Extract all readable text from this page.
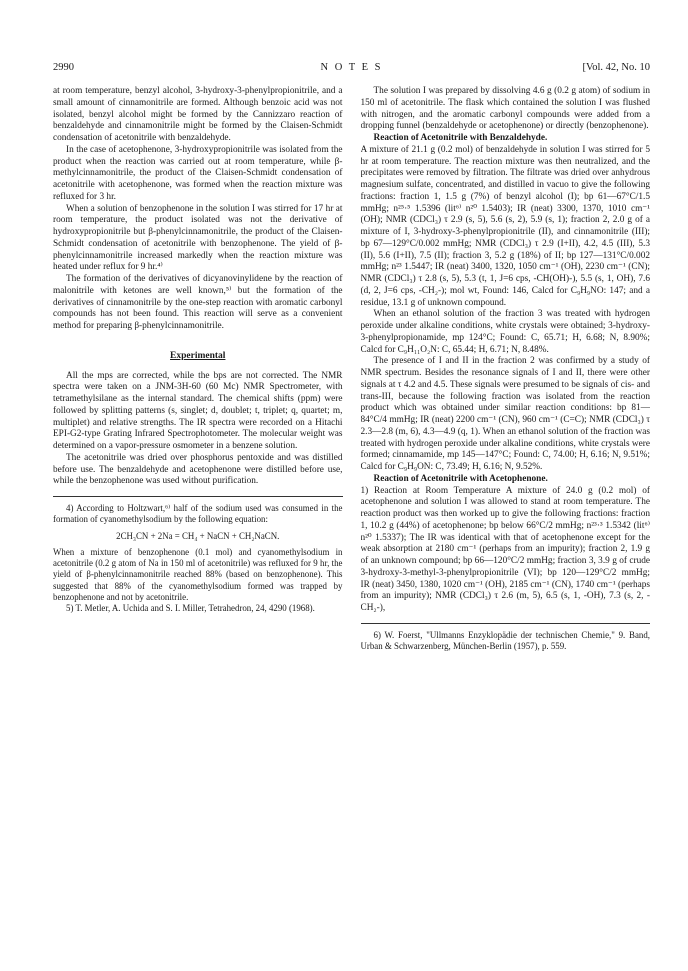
2990	N O T E S	[Vol. 42, No. 10

at room temperature, benzyl alcohol, 3-hydroxy-3-phenylpropionitrile, and a small amount of cinnamonitrile are formed. Although benzoic acid was not isolated, benzyl alcohol might be formed by the Cannizzaro reaction of benzaldehyde and cinnamonitrile might be formed by the Claisen-Schmidt condensation of acetonitrile with benzaldehyde.

In the case of acetophenone, 3-hydroxypropionitrile was isolated from the product when the reaction was carried out at room temperature, while β-methylcinnamonitrile, the product of the Claisen-Schmidt condensation of acetonitrile with acetophenone, was formed when the reaction mixture was refluxed for 3 hr.

When a solution of benzophenone in the solution I was stirred for 17 hr at room temperature, the product isolated was not the derivative of hydroxypropionitrile but β-phenylcinnamonitrile, the product of the Claisen-Schmidt condensation of acetonitrile with benzophenone. The yield of β-phenylcinnamonitrile increased markedly when the reaction mixture was heated under reflux for 9 hr.⁴⁾

The formation of the derivatives of dicyanovinylidene by the reaction of malonitrile with ketones are well known,⁵⁾ but the formation of the derivatives of cinnamonitrile by the one-step reaction with aromatic carbonyl compounds has not been found. This reaction will serve as a convenient method for preparing β-phenylcinnamonitrile.

Experimental

All the mps are corrected, while the bps are not corrected. The NMR spectra were taken on a JNM-3H-60 (60 Mc) NMR Spectrometer, with tetramethylsilane as the internal standard. The chemical shifts (ppm) were followed by splitting patterns (s, singlet; d, doublet; t, triplet; q, quartet; m, multiplet) and relative strengths. The IR spectra were recorded on a Hitachi EPI-G2-type Grating Infrared Spectrophotometer. The molecular weight was determined on a vapor-pressure osmometer in a benzene solution.

The acetonitrile was dried over phosphorus pentoxide and was distilled before use. The benzaldehyde and acetophenone were distilled before use, while the benzophenone was used without purification.

4) According to Holtzwart,⁶⁾ half of the sodium used was consumed in the formation of cyanomethylsodium by the following equation:

2CH₃CN + 2Na = CH₄ + NaCN + CH₂NaCN.

When a mixture of benzophenone (0.1 mol) and cyanomethylsodium in acetonitrile (0.2 g atom of Na in 150 ml of acetonitrile) was refluxed for 9 hr, the yield of β-phenylcinnamonitrile reached 88% (based on benzophenone). This suggested that 88% of the cyanomethylsodium formed was trapped by benzophenone and not by acetonitrile.

5) T. Metler, A. Uchida and S. I. Miller, Tetrahedron, 24, 4290 (1968).

The solution I was prepared by dissolving 4.6 g (0.2 g atom) of sodium in 150 ml of acetonitrile. The flask which contained the solution I was flushed with nitrogen, and the aromatic carbonyl compounds were added from a dropping funnel (benzaldehyde or acetophenone) or directly (benzophenone).

Reaction of Acetonitrile with Benzaldehyde.

A mixture of 21.1 g (0.2 mol) of benzaldehyde in solution I was stirred for 5 hr at room temperature. The reaction mixture was then neutralized, and the precipitates were removed by filtration. The filtrate was dried over anhydrous magnesium sulfate, concentrated, and distilled in vacuo to give the following fractions: fraction 1, 1.5 g (7%) of benzyl alcohol (I); bp 61—67°C/1.5 mmHg; n²⁵·⁵ 1.5396 (lit⁶⁾ n²⁰ 1.5403); IR (neat) 3300, 1370, 1010 cm⁻¹ (OH); NMR (CDCl₃) τ 2.9 (s, 5), 5.6 (s, 2), 5.9 (s, 1); fraction 2, 2.0 g of a mixture of I, 3-hydroxy-3-phenylpropionitrile (II), and cinnamonitrile (III); bp 67—129°C/0.002 mmHg; NMR (CDCl₃) τ 2.9 (I+II), 4.2, 4.5 (III), 5.3 (II), 5.6 (I+II), 7.5 (II); fraction 3, 5.2 g (18%) of II; bp 127—131°C/0.002 mmHg; n²³ 1.5447; IR (neat) 3400, 1320, 1050 cm⁻¹ (OH), 2230 cm⁻¹ (CN); NMR (CDCl₃) τ 2.8 (s, 5), 5.3 (t, 1, J=6 cps, -CH(OH)-), 5.5 (s, 1, OH), 7.6 (d, 2, J=6 cps, -CH₂-); mol wt, Found: 146, Calcd for C₉H₉NO: 147; and a residue, 13.1 g of unknown compound.

When an ethanol solution of the fraction 3 was treated with hydrogen peroxide under alkaline conditions, white crystals were obtained; 3-hydroxy-3-phenylpropionamide, mp 124°C; Found: C, 65.71; H, 6.68; N, 8.90%; Calcd for C₉H₁₁O₂N: C, 65.44; H, 6.71; N, 8.48%.

The presence of I and II in the fraction 2 was confirmed by a study of NMR spectrum. Besides the resonance signals of I and II, there were other signals at τ 4.2 and 4.5. These signals were presumed to be signals of cis- and trans-III, because the following fraction was isolated from the reaction product which was obtained under similar reaction conditions: bp 81—84°C/4 mmHg; IR (neat) 2200 cm⁻¹ (CN), 960 cm⁻¹ (C=C); NMR (CDCl₃) τ 2.3—2.8 (m, 6), 4.3—4.9 (q, 1). When an ethanol solution of the fraction was treated with hydrogen peroxide under alkaline conditions, white crystals were formed; cinnamamide, mp 145—147°C; Found: C, 74.00; H, 6.16; N, 9.51%; Calcd for C₉H₉ON: C, 73.49; H, 6.16; N, 9.52%.

Reaction of Acetonitrile with Acetophenone.

1) Reaction at Room Temperature A mixture of 24.0 g (0.2 mol) of acetophenone and solution I was allowed to stand at room temperature. The reaction product was then worked up to give the following fractions: fraction 1, 10.2 g (44%) of acetophenone; bp below 66°C/2 mmHg; n²³·³ 1.5342 (lit⁶⁾ n²⁰ 1.5337); The IR was identical with that of acetophenone except for the weak absorption at 2180 cm⁻¹ (perhaps from an impurity); fraction 2, 1.9 g of an unknown compound; bp 66—120°C/2 mmHg; fraction 3, 3.9 g of crude 3-hydroxy-3-methyl-3-phenylpropionitrile (VI); bp 120—129°C/2 mmHg; IR (neat) 3450, 1380, 1020 cm⁻¹ (OH), 2185 cm⁻¹ (CN), 1740 cm⁻¹ (perhaps from an impurity); NMR (CDCl₃) τ 2.6 (m, 5), 6.5 (s, 1, -OH), 7.3 (s, 2, -CH₂-),

6) W. Foerst, "Ullmanns Enzyklopädie der technischen Chemie," 9. Band, Urban & Schwarzenberg, München-Berlin (1957), p. 559.
